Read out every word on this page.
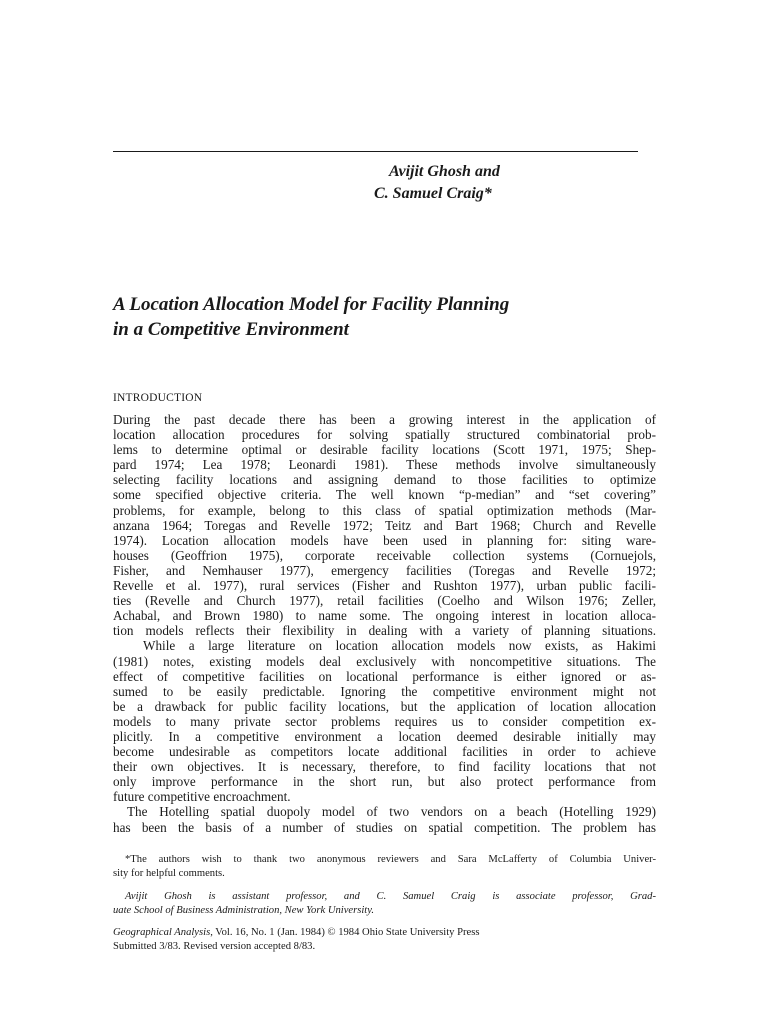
Avijit Ghosh and
C. Samuel Craig*
A Location Allocation Model for Facility Planning
in a Competitive Environment
INTRODUCTION
During the past decade there has been a growing interest in the application of
location allocation procedures for solving spatially structured combinatorial prob-
lems to determine optimal or desirable facility locations (Scott 1971, 1975; Shep-
pard 1974; Lea 1978; Leonardi 1981). These methods involve simultaneously
selecting facility locations and assigning demand to those facilities to optimize
some specified objective criteria. The well known “p-median” and “set covering”
problems, for example, belong to this class of spatial optimization methods (Mar-
anzana 1964; Toregas and Revelle 1972; Teitz and Bart 1968; Church and Revelle
1974). Location allocation models have been used in planning for: siting ware-
houses (Geoffrion 1975), corporate receivable collection systems (Cornuejols,
Fisher, and Nemhauser 1977), emergency facilities (Toregas and Revelle 1972;
Revelle et al. 1977), rural services (Fisher and Rushton 1977), urban public facili-
ties (Revelle and Church 1977), retail facilities (Coelho and Wilson 1976; Zeller,
Achabal, and Brown 1980) to name some. The ongoing interest in location alloca-
tion models reflects their flexibility in dealing with a variety of planning situations.
While a large literature on location allocation models now exists, as Hakimi
(1981) notes, existing models deal exclusively with noncompetitive situations. The
effect of competitive facilities on locational performance is either ignored or as-
sumed to be easily predictable. Ignoring the competitive environment might not
be a drawback for public facility locations, but the application of location allocation
models to many private sector problems requires us to consider competition ex-
plicitly. In a competitive environment a location deemed desirable initially may
become undesirable as competitors locate additional facilities in order to achieve
their own objectives. It is necessary, therefore, to find facility locations that not
only improve performance in the short run, but also protect performance from
future competitive encroachment.
The Hotelling spatial duopoly model of two vendors on a beach (Hotelling 1929)
has been the basis of a number of studies on spatial competition. The problem has
*The authors wish to thank two anonymous reviewers and Sara McLafferty of Columbia Univer-
sity for helpful comments.
Avijit Ghosh is assistant professor, and C. Samuel Craig is associate professor, Grad-
uate School of Business Administration, New York University.
Geographical Analysis, Vol. 16, No. 1 (Jan. 1984) © 1984 Ohio State University Press
Submitted 3/83. Revised version accepted 8/83.
